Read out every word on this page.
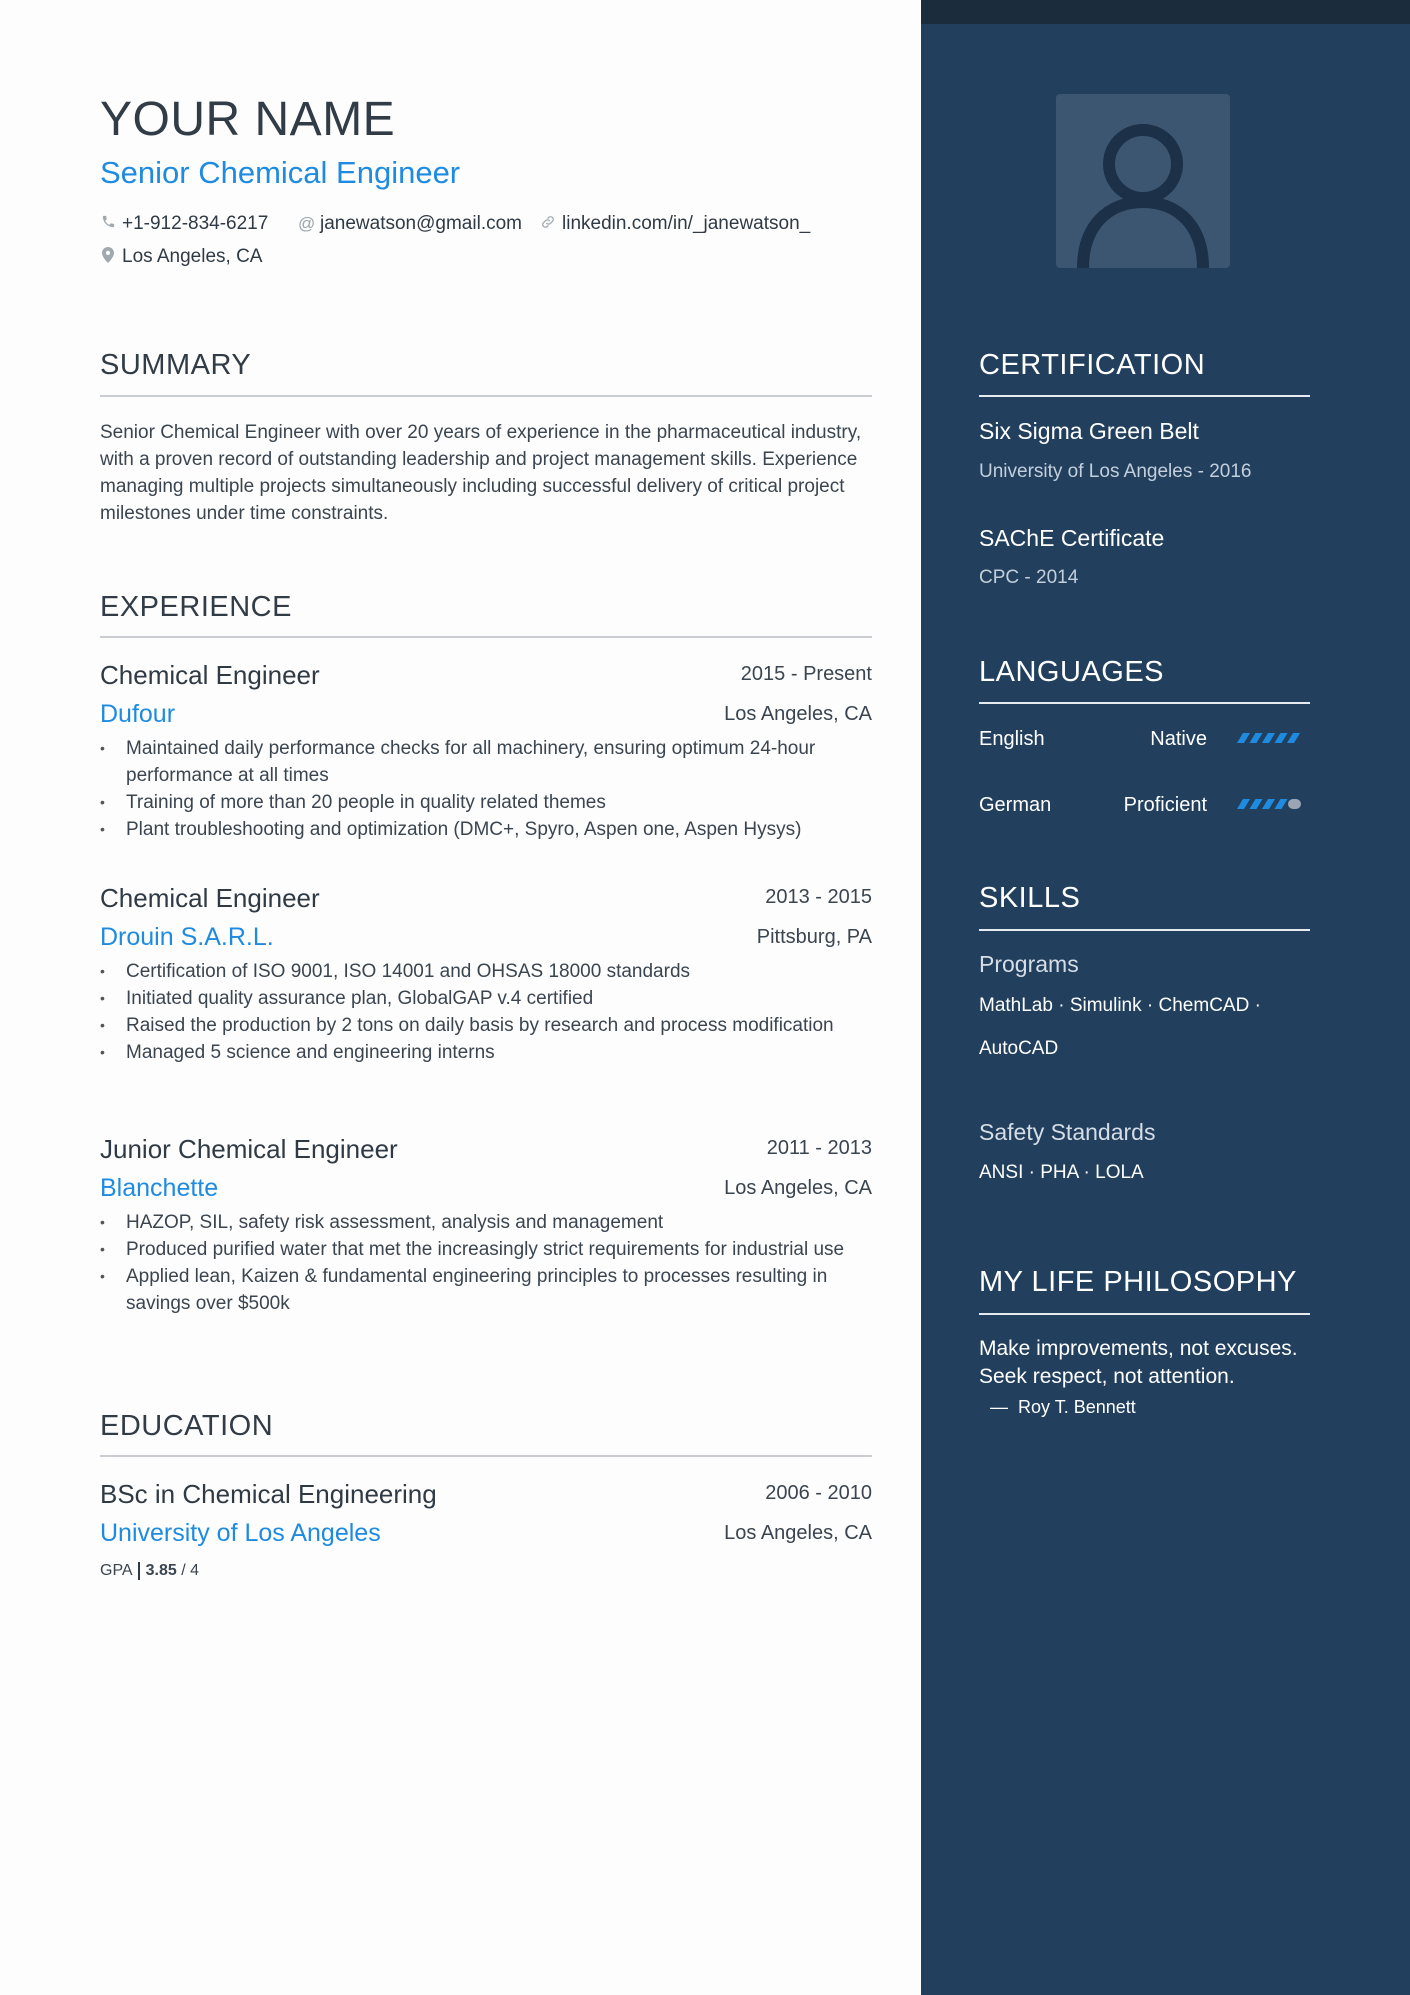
YOUR NAME
Senior Chemical Engineer
+1-912-834-6217 @ janewatson@gmail.com linkedin.com/in/_janewatson_
Los Angeles, CA
SUMMARY
Senior Chemical Engineer with over 20 years of experience in the pharmaceutical industry, with a proven record of outstanding leadership and project management skills. Experience managing multiple projects simultaneously including successful delivery of critical project milestones under time constraints.
EXPERIENCE
Chemical Engineer	2015 - Present
Dufour	Los Angeles, CA
• Maintained daily performance checks for all machinery, ensuring optimum 24-hour performance at all times
• Training of more than 20 people in quality related themes
• Plant troubleshooting and optimization (DMC+, Spyro, Aspen one, Aspen Hysys)
Chemical Engineer	2013 - 2015
Drouin S.A.R.L.	Pittsburg, PA
• Certification of ISO 9001, ISO 14001 and OHSAS 18000 standards
• Initiated quality assurance plan, GlobalGAP v.4 certified
• Raised the production by 2 tons on daily basis by research and process modification
• Managed 5 science and engineering interns
Junior Chemical Engineer	2011 - 2013
Blanchette	Los Angeles, CA
• HAZOP, SIL, safety risk assessment, analysis and management
• Produced purified water that met the increasingly strict requirements for industrial use
• Applied lean, Kaizen & fundamental engineering principles to processes resulting in savings over $500k
EDUCATION
BSc in Chemical Engineering	2006 - 2010
University of Los Angeles	Los Angeles, CA
GPA 3.85 / 4
CERTIFICATION
Six Sigma Green Belt
University of Los Angeles - 2016
SAChE Certificate
CPC - 2014
LANGUAGES
English	Native
German	Proficient
SKILLS
Programs
MathLab · Simulink · ChemCAD · AutoCAD
Safety Standards
ANSI · PHA · LOLA
MY LIFE PHILOSOPHY
Make improvements, not excuses. Seek respect, not attention.
—  Roy T. Bennett
